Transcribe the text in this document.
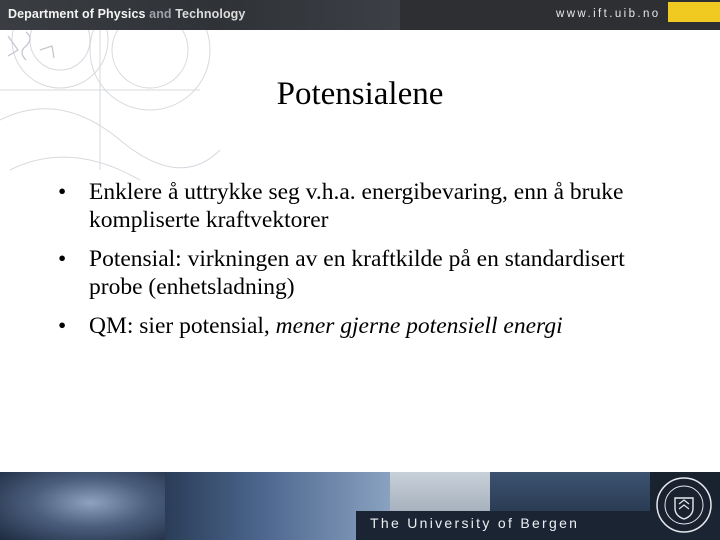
Department of Physics and Technology	www.ift.uib.no
Potensialene
• Enklere å uttrykke seg v.h.a. energibevaring, enn å bruke kompliserte kraftvektorer
• Potensial: virkningen av en kraftkilde på en standardisert probe (enhetsladning)
• QM: sier potensial, mener gjerne potensiell energi
The University of Bergen
